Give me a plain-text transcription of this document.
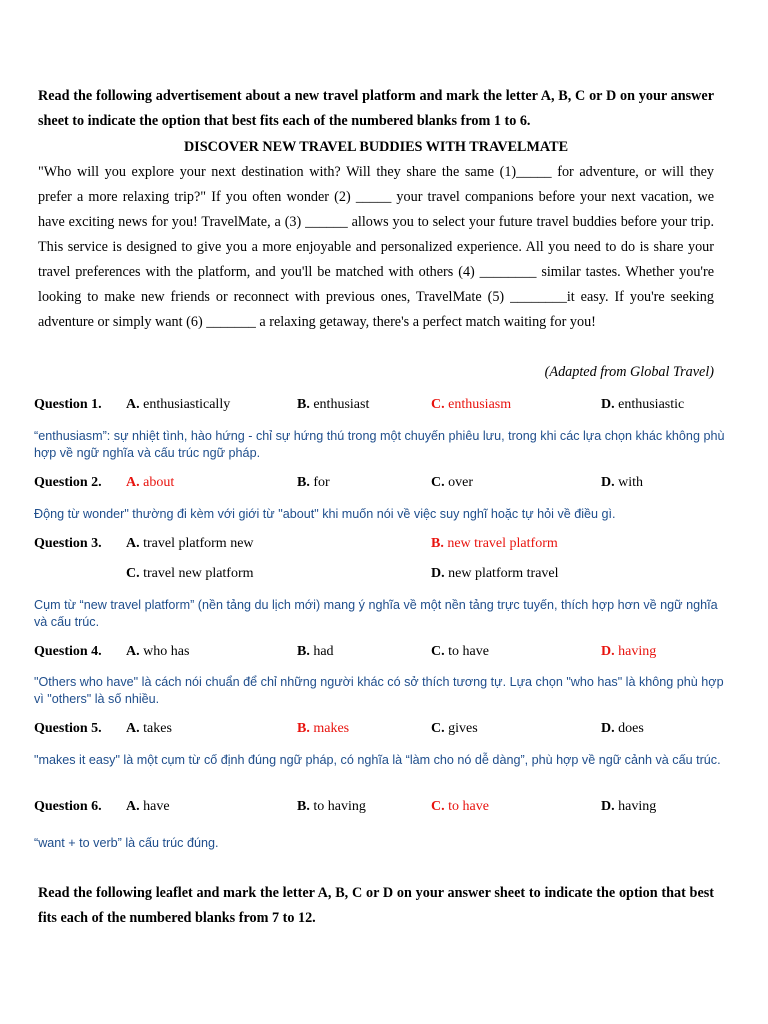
Read the following advertisement about a new travel platform and mark the letter A, B, C or D on your answer sheet to indicate the option that best fits each of the numbered blanks from 1 to 6.
DISCOVER NEW TRAVEL BUDDIES WITH TRAVELMATE
"Who will you explore your next destination with? Will they share the same (1)_____ for adventure, or will they prefer a more relaxing trip?" If you often wonder (2) _____ your travel companions before your next vacation, we have exciting news for you! TravelMate, a (3) ______ allows you to select your future travel buddies before your trip. This service is designed to give you a more enjoyable and personalized experience. All you need to do is share your travel preferences with the platform, and you'll be matched with others (4) ________ similar tastes. Whether you're looking to make new friends or reconnect with previous ones, TravelMate (5) ________it easy. If you're seeking adventure or simply want (6) _______ a relaxing getaway, there's a perfect match waiting for you!
(Adapted from Global Travel)
Question 1. A. enthusiastically	B. enthusiast	C. enthusiasm	D. enthusiastic
“enthusiasm”: sự nhiệt tình, hào hứng - chỉ sự hứng thú trong một chuyến phiêu lưu, trong khi các lựa chọn khác không phù hợp về ngữ nghĩa và cấu trúc ngữ pháp.
Question 2. A. about	B. for	C. over	D. with
Động từ wonder" thường đi kèm với giới từ "about" khi muốn nói về việc suy nghĩ hoặc tự hỏi về điều gì.
Question 3. A. travel platform new	B. new travel platform
C. travel new platform	D. new platform travel
Cụm từ “new travel platform” (nền tảng du lịch mới) mang ý nghĩa về một nền tảng trực tuyến, thích hợp hơn về ngữ nghĩa và cấu trúc.
Question 4. A. who has	B. had	C. to have	D. having
"Others who have" là cách nói chuẩn để chỉ những người khác có sở thích tương tự. Lựa chọn "who has" là không phù hợp vì "others" là số nhiều.
Question 5. A. takes	B. makes	C. gives	D. does
"makes it easy" là một cụm từ cố định đúng ngữ pháp, có nghĩa là “làm cho nó dễ dàng”, phù hợp về ngữ cảnh và cấu trúc.
Question 6. A. have	B. to having	C. to have	D. having
“want + to verb” là cấu trúc đúng.
Read the following leaflet and mark the letter A, B, C or D on your answer sheet to indicate the option that best fits each of the numbered blanks from 7 to 12.
